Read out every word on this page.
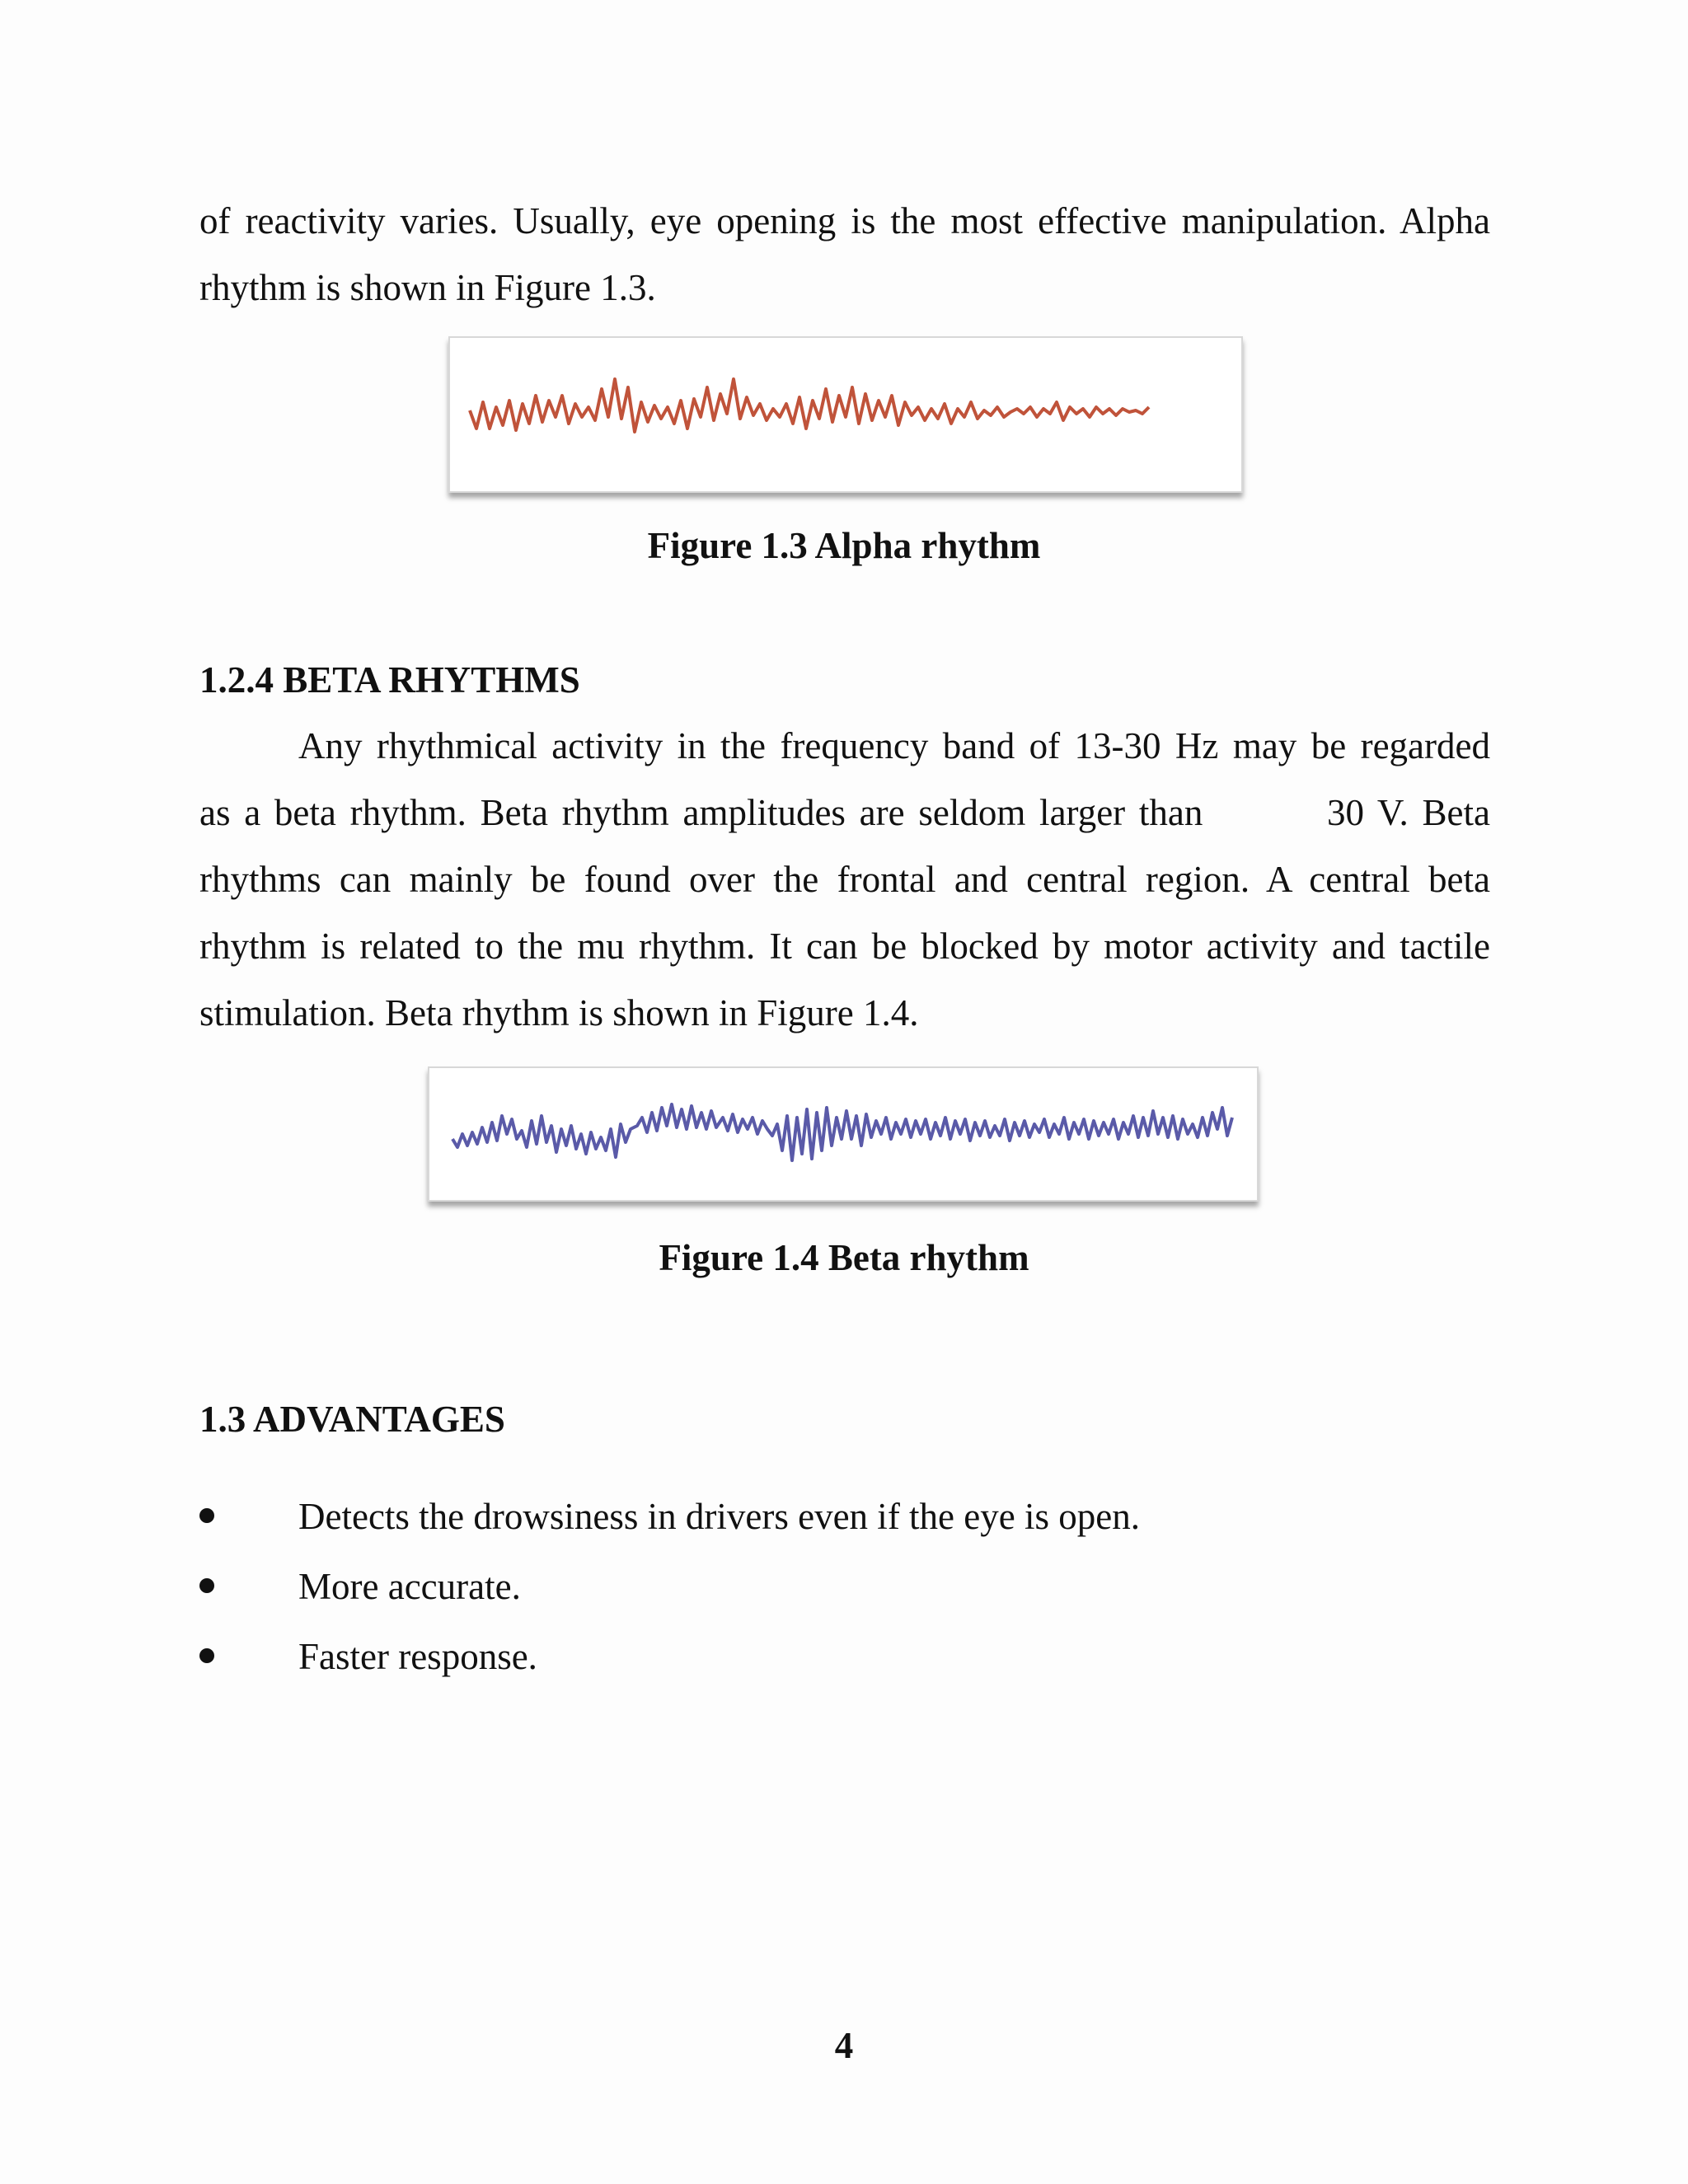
of reactivity varies. Usually, eye opening is the most effective manipulation. Alpha

rhythm is shown in Figure 1.3.

Figure 1.3 Alpha rhythm

1.2.4 BETA RHYTHMS

Any rhythmical activity in the frequency band of 13-30 Hz may be regarded

as a beta rhythm. Beta rhythm amplitudes are seldom larger than         30 V. Beta

rhythms can mainly be found over the frontal and central region. A central beta

rhythm is related to the mu rhythm. It can be blocked by motor activity and tactile

stimulation. Beta rhythm is shown in Figure 1.4.

Figure 1.4 Beta rhythm

1.3 ADVANTAGES

Detects the drowsiness in drivers even if the eye is open.
More accurate.
Faster response.

4
